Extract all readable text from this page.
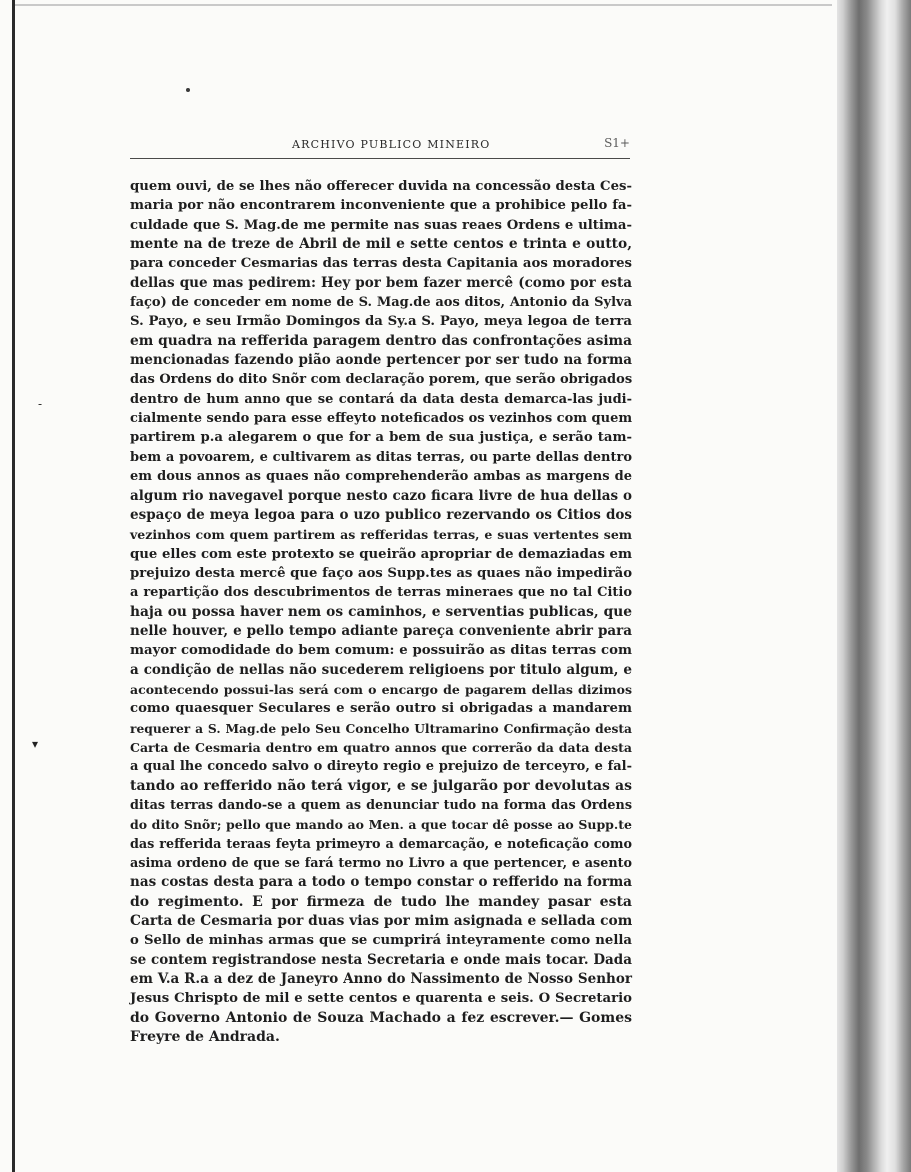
-
▾
ARCHIVO PUBLICO MINEIRO	S1+
quem ouvi, de se lhes não offerecer duvida na concessão desta Ces-
maria por não encontrarem inconveniente que a prohibice pello fa-
culdade que S. Mag.de me permite nas suas reaes Ordens e ultima-
mente na de treze de Abril de mil e sette centos e trinta e outto,
para conceder Cesmarias das terras desta Capitania aos moradores
dellas que mas pedirem: Hey por bem fazer mercê (como por esta
faço) de conceder em nome de S. Mag.de aos ditos, Antonio da Sylva
S. Payo, e seu Irmão Domingos da Sy.a S. Payo, meya legoa de terra
em quadra na refferida paragem dentro das confrontações asima
mencionadas fazendo pião aonde pertencer por ser tudo na forma
das Ordens do dito Snõr com declaração porem, que serão obrigados
dentro de hum anno que se contará da data desta demarca-las judi-
cialmente sendo para esse effeyto noteficados os vezinhos com quem
partirem p.a alegarem o que for a bem de sua justiça, e serão tam-
bem a povoarem, e cultivarem as ditas terras, ou parte dellas dentro
em dous annos as quaes não comprehenderão ambas as margens de
algum rio navegavel porque nesto cazo ficara livre de hua dellas o
espaço de meya legoa para o uzo publico rezervando os Citios dos
vezinhos com quem partirem as refferidas terras, e suas vertentes sem
que elles com este protexto se queirão apropriar de demaziadas em
prejuizo desta mercê que faço aos Supp.tes as quaes não impedirão
a repartição dos descubrimentos de terras mineraes que no tal Citio
haja ou possa haver nem os caminhos, e serventias publicas, que
nelle houver, e pello tempo adiante pareça conveniente abrir para
mayor comodidade do bem comum: e possuirão as ditas terras com
a condição de nellas não sucederem religioens por titulo algum, e
acontecendo possui-las será com o encargo de pagarem dellas dizimos
como quaesquer Seculares e serão outro si obrigadas a mandarem
requerer a S. Mag.de pelo Seu Concelho Ultramarino Confirmação desta
Carta de Cesmaria dentro em quatro annos que correrão da data desta
a qual lhe concedo salvo o direyto regio e prejuizo de terceyro, e fal-
tando ao refferido não terá vigor, e se julgarão por devolutas as
ditas terras dando-se a quem as denunciar tudo na forma das Ordens
do dito Snõr; pello que mando ao Men. a que tocar dê posse ao Supp.te
das refferida teraas feyta primeyro a demarcação, e noteficação como
asima ordeno de que se fará termo no Livro a que pertencer, e asento
nas costas desta para a todo o tempo constar o refferido na forma
do regimento. E por firmeza de tudo lhe mandey pasar esta
Carta de Cesmaria por duas vias por mim asignada e sellada com
o Sello de minhas armas que se cumprirá inteyramente como nella
se contem registrandose nesta Secretaria e onde mais tocar. Dada
em V.a R.a a dez de Janeyro Anno do Nassimento de Nosso Senhor
Jesus Chrispto de mil e sette centos e quarenta e seis. O Secretario
do Governo Antonio de Souza Machado a fez escrever.— Gomes
Freyre de Andrada.
